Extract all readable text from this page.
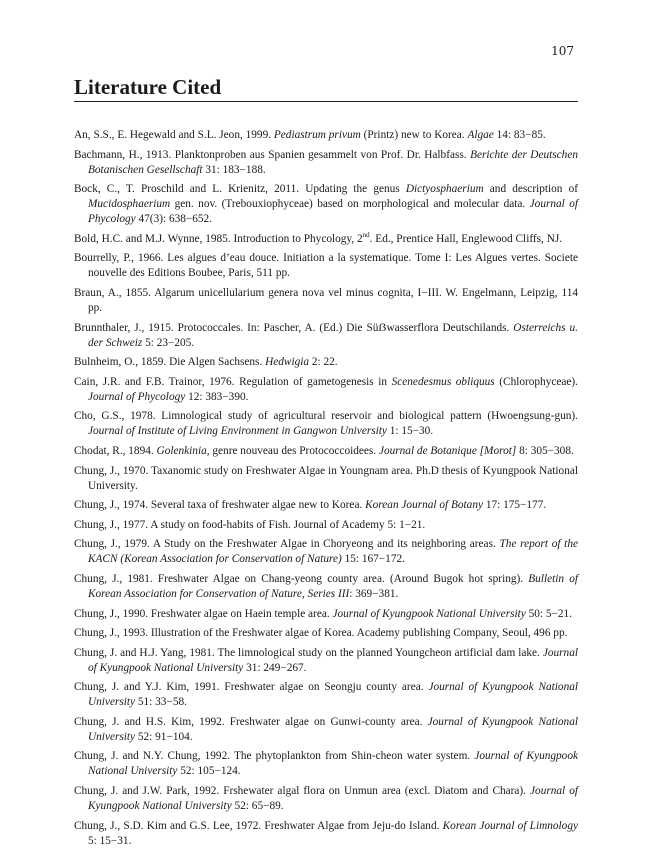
107
Literature Cited
An, S.S., E. Hegewald and S.L. Jeon, 1999. Pediastrum privum (Printz) new to Korea. Algae 14: 83−85.
Bachmann, H., 1913. Planktonproben aus Spanien gesammelt von Prof. Dr. Halbfass. Berichte der Deutschen Botanischen Gesellschaft 31: 183−188.
Bock, C., T. Proschild and L. Krienitz, 2011. Updating the genus Dictyosphaerium and description of Mucidosphaerium gen. nov. (Trebouxiophyceae) based on morphological and molecular data. Journal of Phycology 47(3): 638−652.
Bold, H.C. and M.J. Wynne, 1985. Introduction to Phycology, 2nd. Ed., Prentice Hall, Englewood Cliffs, NJ.
Bourrelly, P., 1966. Les algues d’eau douce. Initiation a la systematique. Tome I: Les Algues vertes. Societe nouvelle des Editions Boubee, Paris, 511 pp.
Braun, A., 1855. Algarum unicellularium genera nova vel minus cognita, I−III. W. Engelmann, Leipzig, 114 pp.
Brunnthaler, J., 1915. Protococcales. In: Pascher, A. (Ed.) Die Süẞwasserflora Deutschilands. Osterreichs u. der Schweiz 5: 23−205.
Bulnheim, O., 1859. Die Algen Sachsens. Hedwigia 2: 22.
Cain, J.R. and F.B. Trainor, 1976. Regulation of gametogenesis in Scenedesmus obliquus (Chlorophyceae). Journal of Phycology 12: 383−390.
Cho, G.S., 1978. Limnological study of agricultural reservoir and biological pattern (Hwoengsung-gun). Journal of Institute of Living Environment in Gangwon University 1: 15−30.
Chodat, R., 1894. Golenkinia, genre nouveau des Protococcoidees. Journal de Botanique [Morot] 8: 305−308.
Chung, J., 1970. Taxanomic study on Freshwater Algae in Youngnam area. Ph.D thesis of Kyungpook National University.
Chung, J., 1974. Several taxa of freshwater algae new to Korea. Korean Journal of Botany 17: 175−177.
Chung, J., 1977. A study on food-habits of Fish. Journal of Academy 5: 1−21.
Chung, J., 1979. A Study on the Freshwater Algae in Choryeong and its neighboring areas. The report of the KACN (Korean Association for Conservation of Nature) 15: 167−172.
Chung, J., 1981. Freshwater Algae on Chang-yeong county area. (Around Bugok hot spring). Bulletin of Korean Association for Conservation of Nature, Series III: 369−381.
Chung, J., 1990. Freshwater algae on Haein temple area. Journal of Kyungpook National University 50: 5−21.
Chung, J., 1993. Illustration of the Freshwater algae of Korea. Academy publishing Company, Seoul, 496 pp.
Chung, J. and H.J. Yang, 1981. The limnological study on the planned Youngcheon artificial dam lake. Journal of Kyungpook National University 31: 249−267.
Chung, J. and Y.J. Kim, 1991. Freshwater algae on Seongju county area. Journal of Kyungpook National University 51: 33−58.
Chung, J. and H.S. Kim, 1992. Freshwater algae on Gunwi-county area. Journal of Kyungpook National University 52: 91−104.
Chung, J. and N.Y. Chung, 1992. The phytoplankton from Shin-cheon water system. Journal of Kyungpook National University 52: 105−124.
Chung, J. and J.W. Park, 1992. Frshewater algal flora on Unmun area (excl. Diatom and Chara). Journal of Kyungpook National University 52: 65−89.
Chung, J., S.D. Kim and G.S. Lee, 1972. Freshwater Algae from Jeju-do Island. Korean Journal of Limnology 5: 15−31.
